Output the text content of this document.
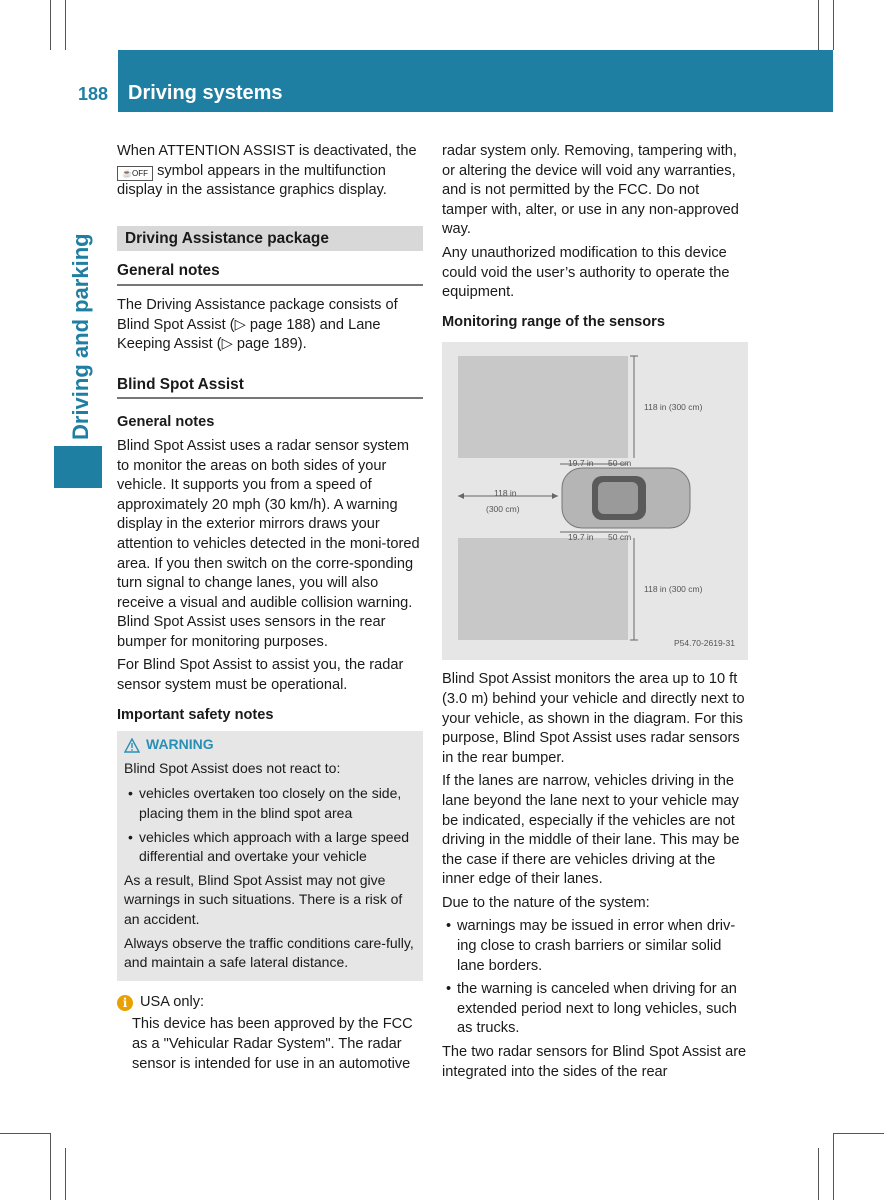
188 Driving systems
Driving and parking

When ATTENTION ASSIST is deactivated, the ☕OFF symbol appears in the multifunction display in the assistance graphics display.

Driving Assistance package
General notes

The Driving Assistance package consists of Blind Spot Assist (▷ page 188) and Lane Keeping Assist (▷ page 189).

Blind Spot Assist
General notes

Blind Spot Assist uses a radar sensor system to monitor the areas on both sides of your vehicle. It supports you from a speed of approximately 20 mph (30 km/h). A warning display in the exterior mirrors draws your attention to vehicles detected in the moni-tored area. If you then switch on the corre-sponding turn signal to change lanes, you will also receive a visual and audible collision warning. Blind Spot Assist uses sensors in the rear bumper for monitoring purposes.

For Blind Spot Assist to assist you, the radar sensor system must be operational.

Important safety notes
WARNING
Blind Spot Assist does not react to:
• vehicles overtaken too closely on the side, placing them in the blind spot area
• vehicles which approach with a large speed differential and overtake your vehicle
As a result, Blind Spot Assist may not give warnings in such situations. There is a risk of an accident.
Always observe the traffic conditions care-fully, and maintain a safe lateral distance.
i USA only:
This device has been approved by the FCC as a "Vehicular Radar System". The radar sensor is intended for use in an automotive

radar system only. Removing, tampering with, or altering the device will void any warranties, and is not permitted by the FCC. Do not tamper with, alter, or use in any non-approved way.

Any unauthorized modification to this device could void the user’s authority to operate the equipment.

Monitoring range of the sensors
118 in (300 cm)
19.7 in 50 cm
118 in
(300 cm)
19.7 in 50 cm
118 in (300 cm)
P54.70-2619-31

Blind Spot Assist monitors the area up to 10 ft (3.0 m) behind your vehicle and directly next to your vehicle, as shown in the diagram. For this purpose, Blind Spot Assist uses radar sensors in the rear bumper.

If the lanes are narrow, vehicles driving in the lane beyond the lane next to your vehicle may be indicated, especially if the vehicles are not driving in the middle of their lane. This may be the case if there are vehicles driving at the inner edge of their lanes.

Due to the nature of the system:

• warnings may be issued in error when driv-ing close to crash barriers or similar solid lane borders.
• the warning is canceled when driving for an extended period next to long vehicles, such as trucks.

The two radar sensors for Blind Spot Assist are integrated into the sides of the rear
